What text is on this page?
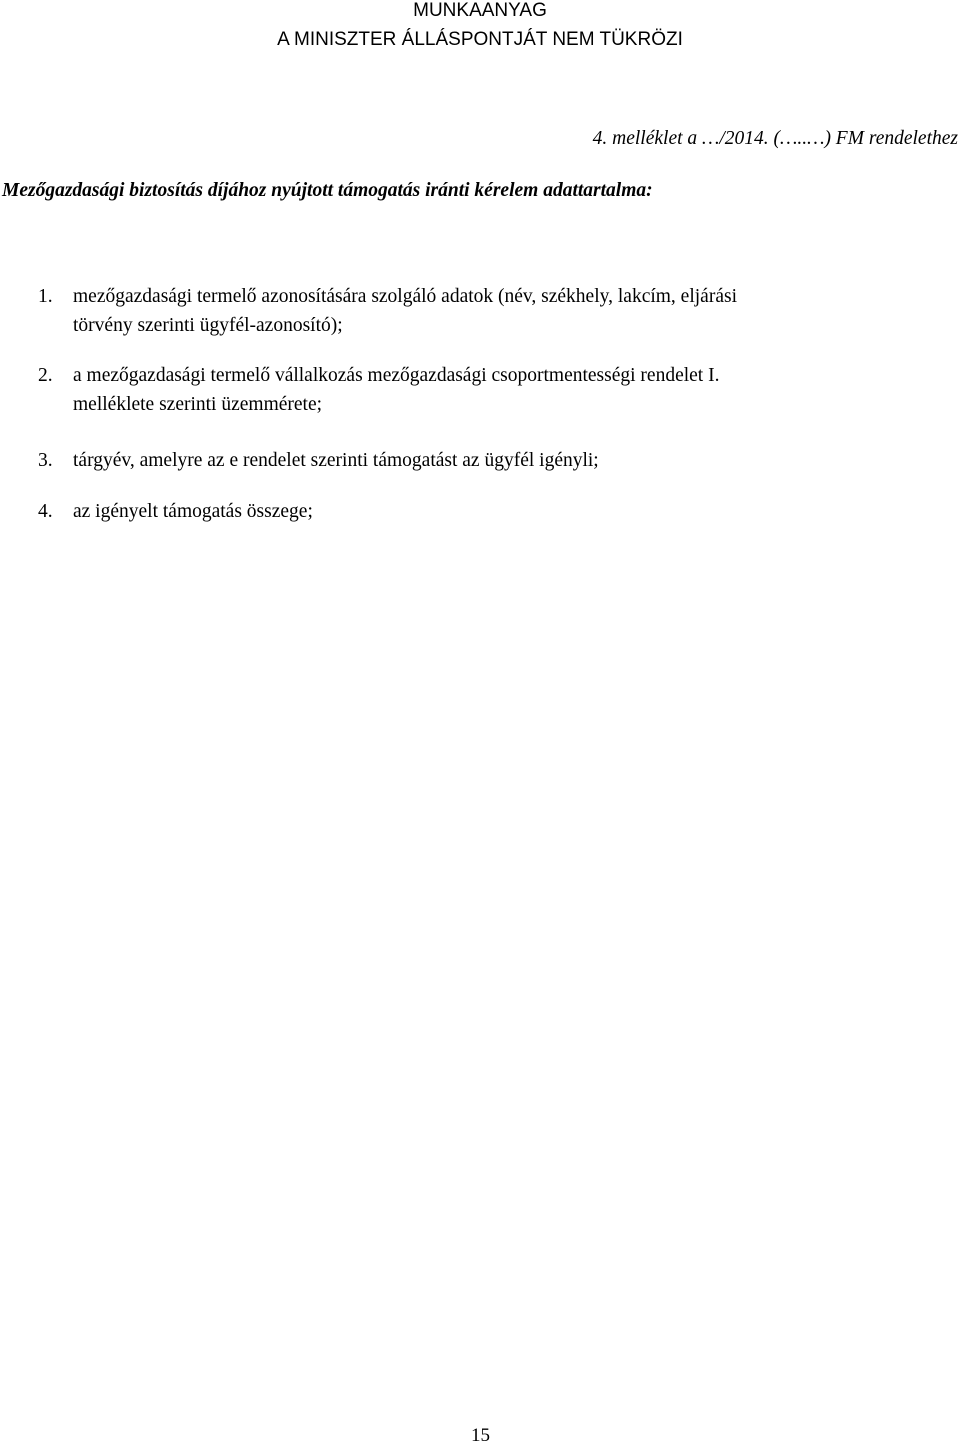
MUNKAANYAG
A MINISZTER ÁLLÁSPONTJÁT NEM TÜKRÖZI
4. melléklet a …/2014. (…..…) FM rendelethez
Mezőgazdasági biztosítás díjához nyújtott támogatás iránti kérelem adattartalma:
1.	mezőgazdasági termelő azonosítására szolgáló adatok (név, székhely, lakcím, eljárási
törvény szerinti ügyfél-azonosító);
2.	a mezőgazdasági termelő vállalkozás mezőgazdasági csoportmentességi rendelet I.
melléklete szerinti üzemmérete;
3.	tárgyév, amelyre az e rendelet szerinti támogatást az ügyfél igényli;
4.	az igényelt támogatás összege;
15
